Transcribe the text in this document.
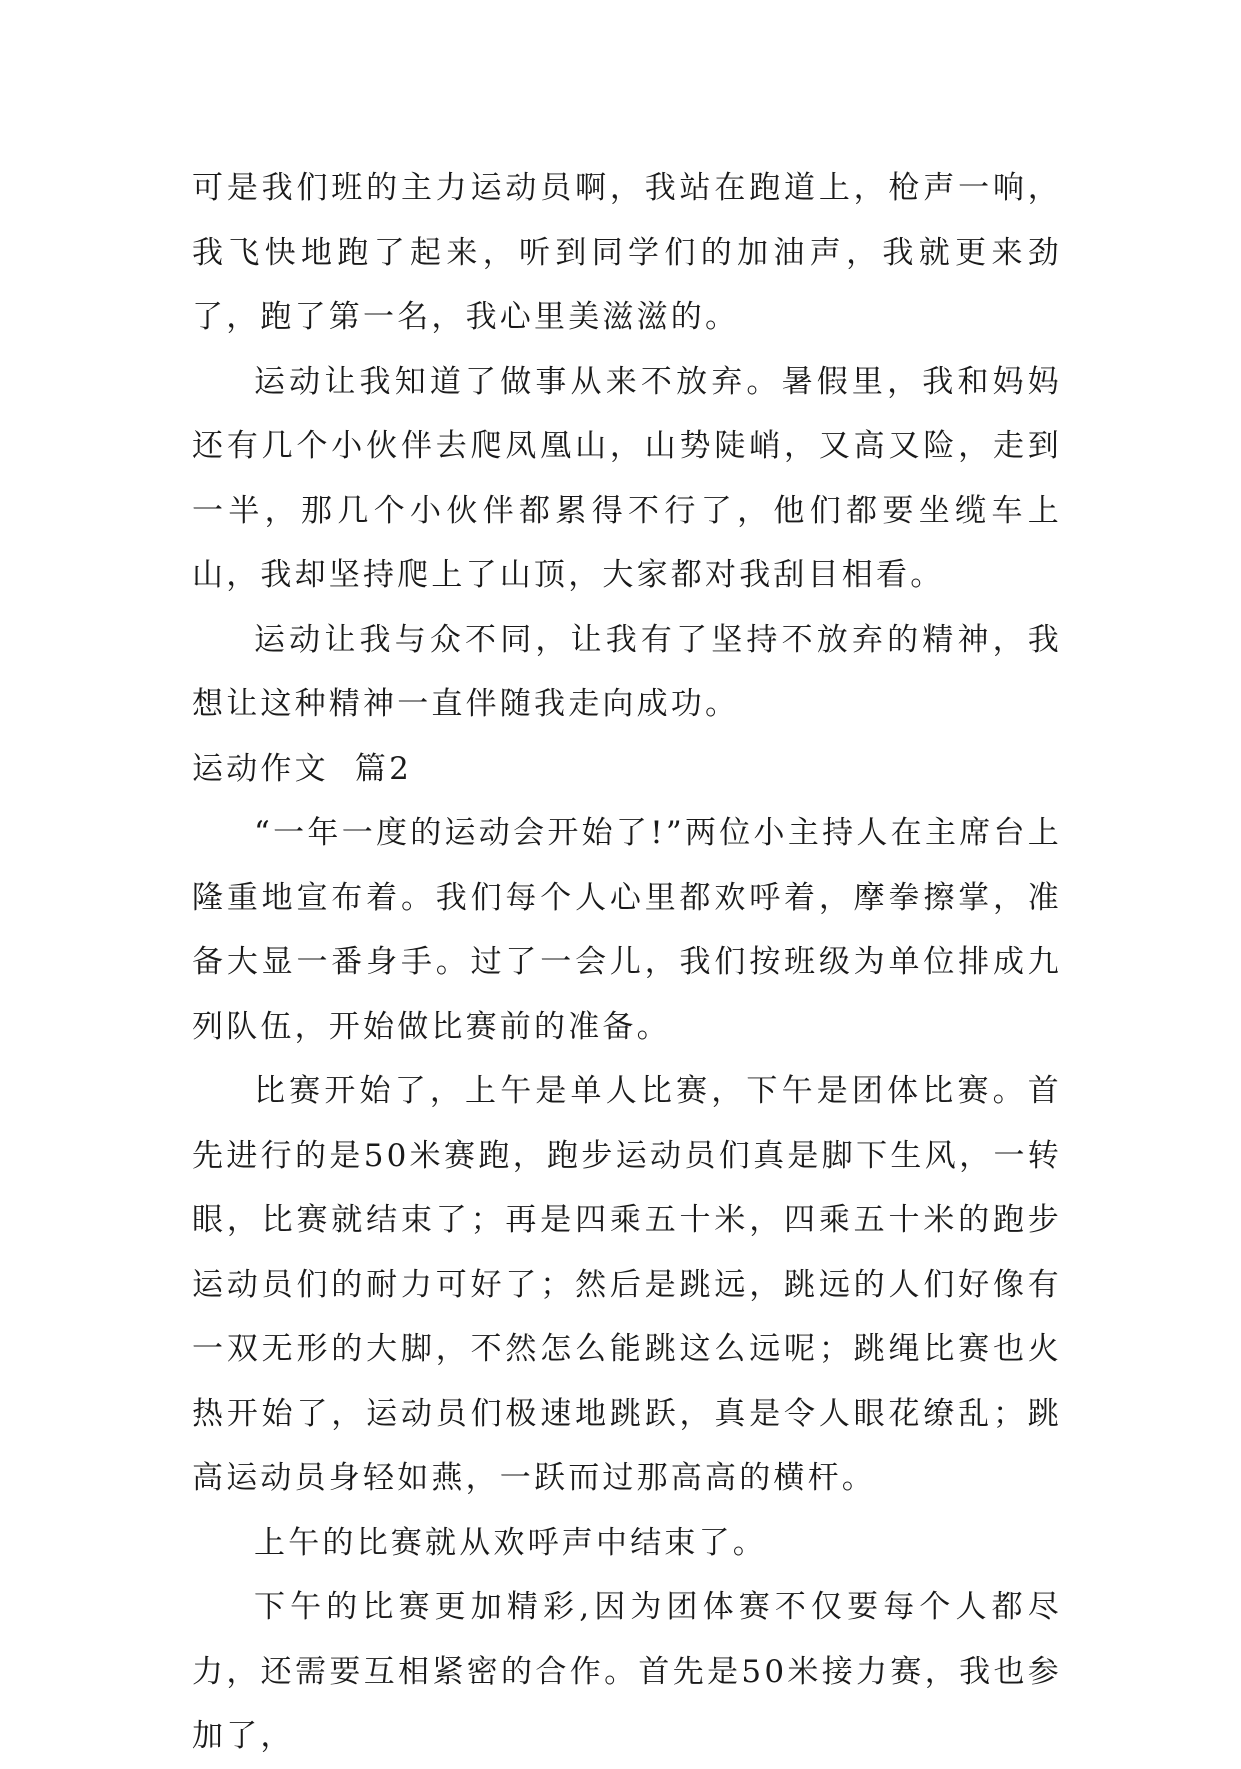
可是我们班的主力运动员啊，我站在跑道上，枪声一响，我飞快地跑了起来，听到同学们的加油声，我就更来劲了，跑了第一名，我心里美滋滋的。

运动让我知道了做事从来不放弃。暑假里，我和妈妈还有几个小伙伴去爬凤凰山，山势陡峭，又高又险，走到一半，那几个小伙伴都累得不行了，他们都要坐缆车上山，我却坚持爬上了山顶，大家都对我刮目相看。

运动让我与众不同，让我有了坚持不放弃的精神，我想让这种精神一直伴随我走向成功。

运动作文  篇2

“一年一度的运动会开始了!”两位小主持人在主席台上隆重地宣布着。我们每个人心里都欢呼着，摩拳擦掌，准备大显一番身手。过了一会儿，我们按班级为单位排成九列队伍，开始做比赛前的准备。

比赛开始了，上午是单人比赛，下午是团体比赛。首先进行的是50米赛跑，跑步运动员们真是脚下生风，一转眼，比赛就结束了；再是四乘五十米，四乘五十米的跑步运动员们的耐力可好了；然后是跳远，跳远的人们好像有一双无形的大脚，不然怎么能跳这么远呢；跳绳比赛也火热开始了，运动员们极速地跳跃，真是令人眼花缭乱；跳高运动员身轻如燕，一跃而过那高高的横杆。

上午的比赛就从欢呼声中结束了。

下午的比赛更加精彩,因为团体赛不仅要每个人都尽力，还需要互相紧密的合作。首先是50米接力赛，我也参加了，
